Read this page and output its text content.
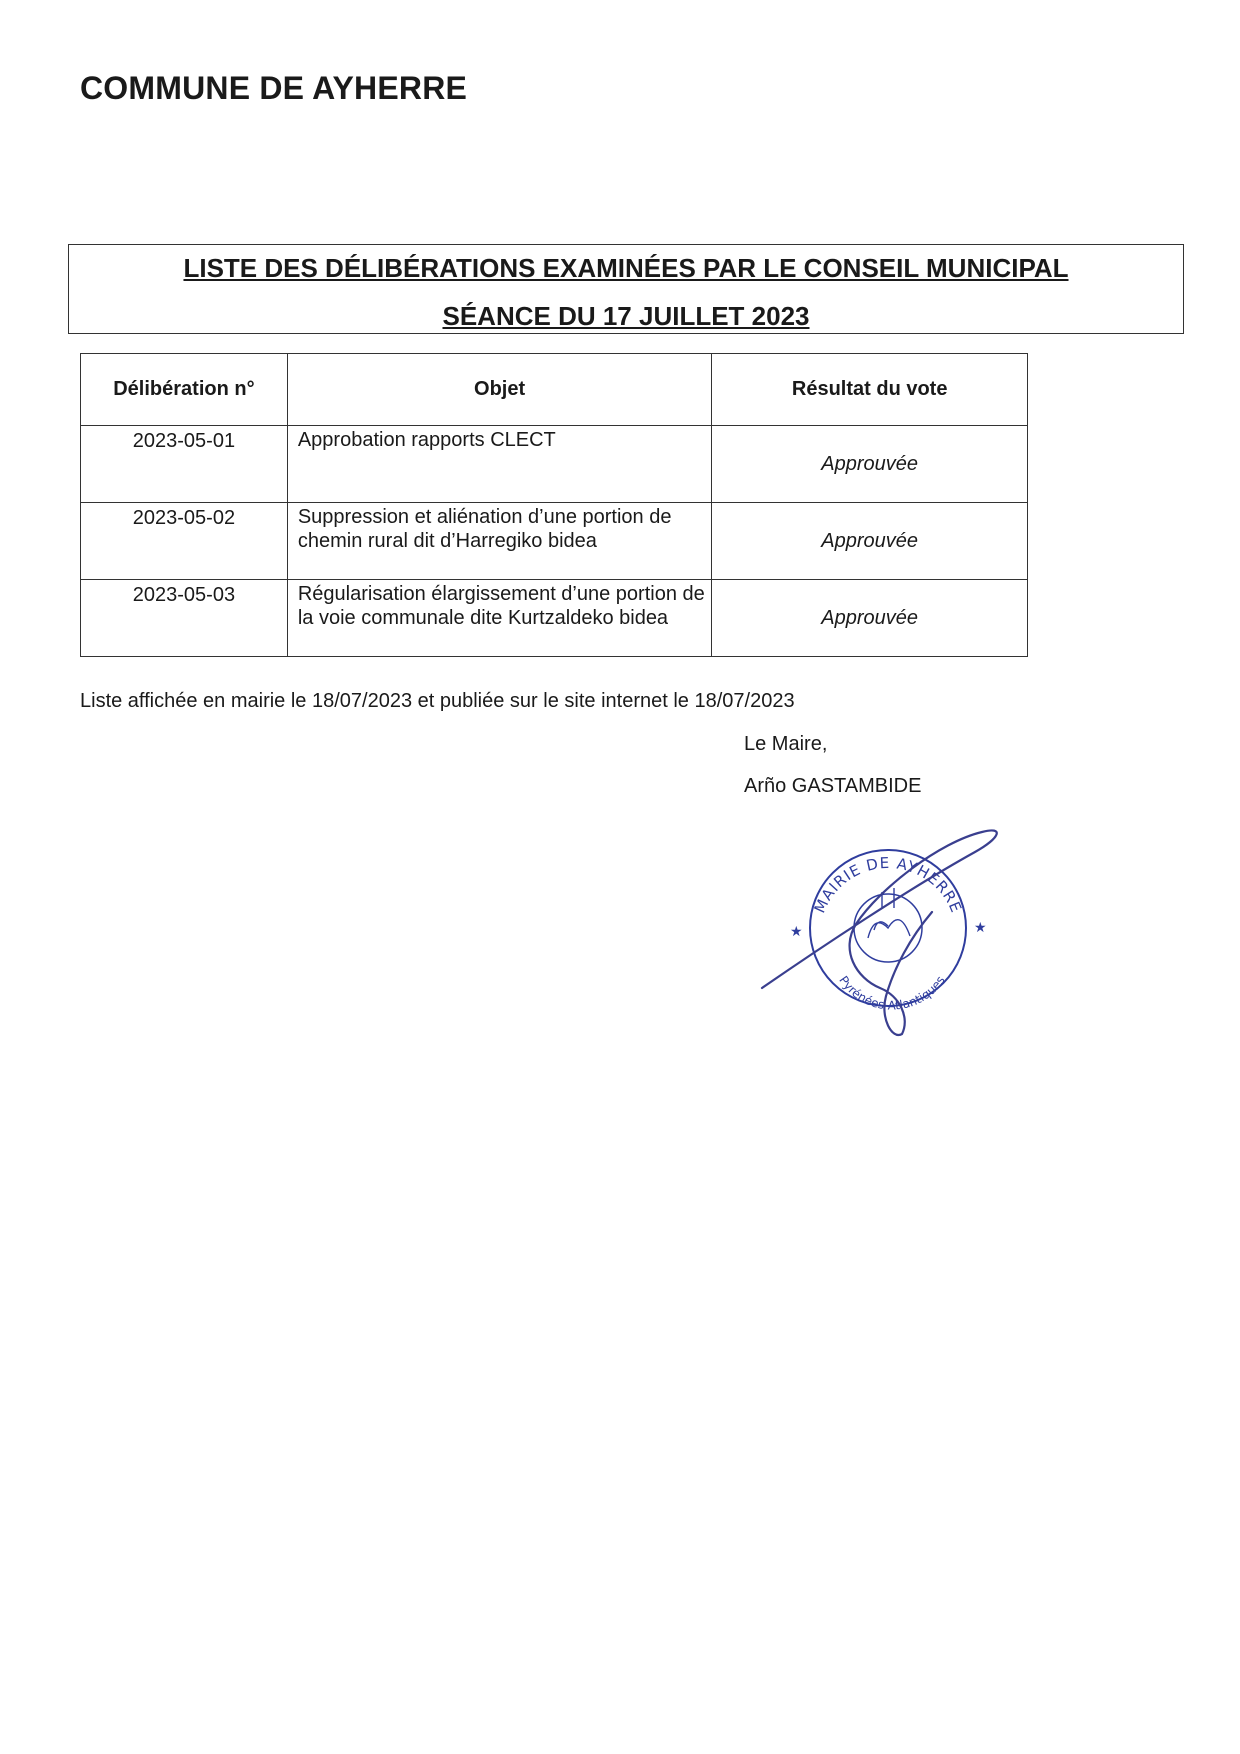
COMMUNE DE AYHERRE
LISTE DES DÉLIBÉRATIONS EXAMINÉES PAR LE CONSEIL MUNICIPAL
SÉANCE DU 17 JUILLET 2023
Délibération n°	Objet	Résultat du vote
2023-05-01	Approbation rapports CLECT	Approuvée
2023-05-02	Suppression et aliénation d’une portion de chemin rural dit d’Harregiko bidea	Approuvée
2023-05-03	Régularisation élargissement d’une portion de la voie communale dite Kurtzaldeko bidea	Approuvée
Liste affichée en mairie le 18/07/2023 et publiée sur le site internet le 18/07/2023
Le Maire,
Arño GASTAMBIDE
MAIRIE DE AYHERRE
Pyrénées-Atlantiques
★	★
